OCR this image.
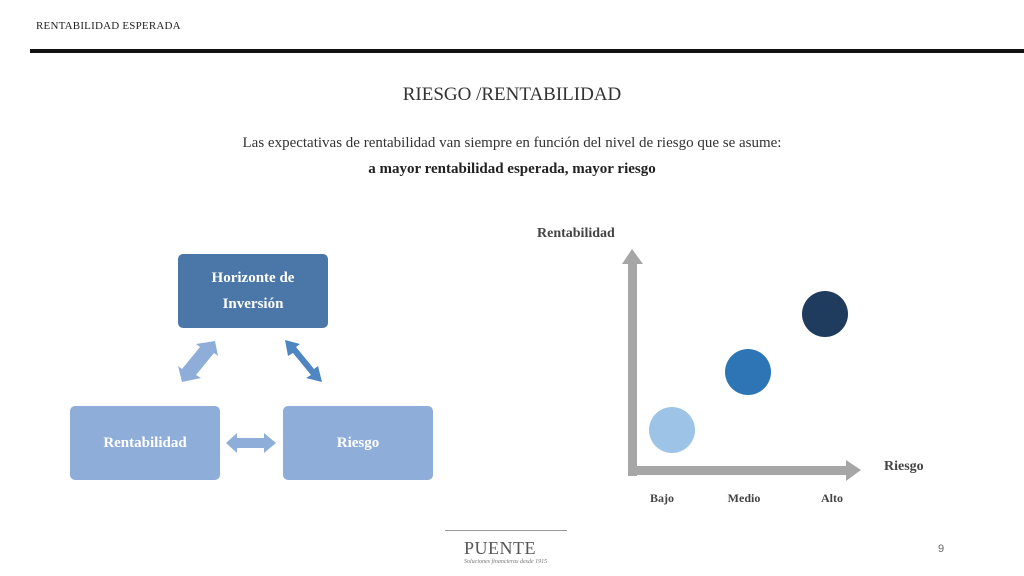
RENTABILIDAD ESPERADA
RIESGO /RENTABILIDAD
Las expectativas de rentabilidad van siempre en función del nivel de riesgo que se asume:
a mayor rentabilidad esperada, mayor riesgo
Horizonte de
Inversión
Rentabilidad	Riesgo
Rentabilidad
Riesgo
Bajo	Medio	Alto
PUENTE
Soluciones financieras desde 1915
9
